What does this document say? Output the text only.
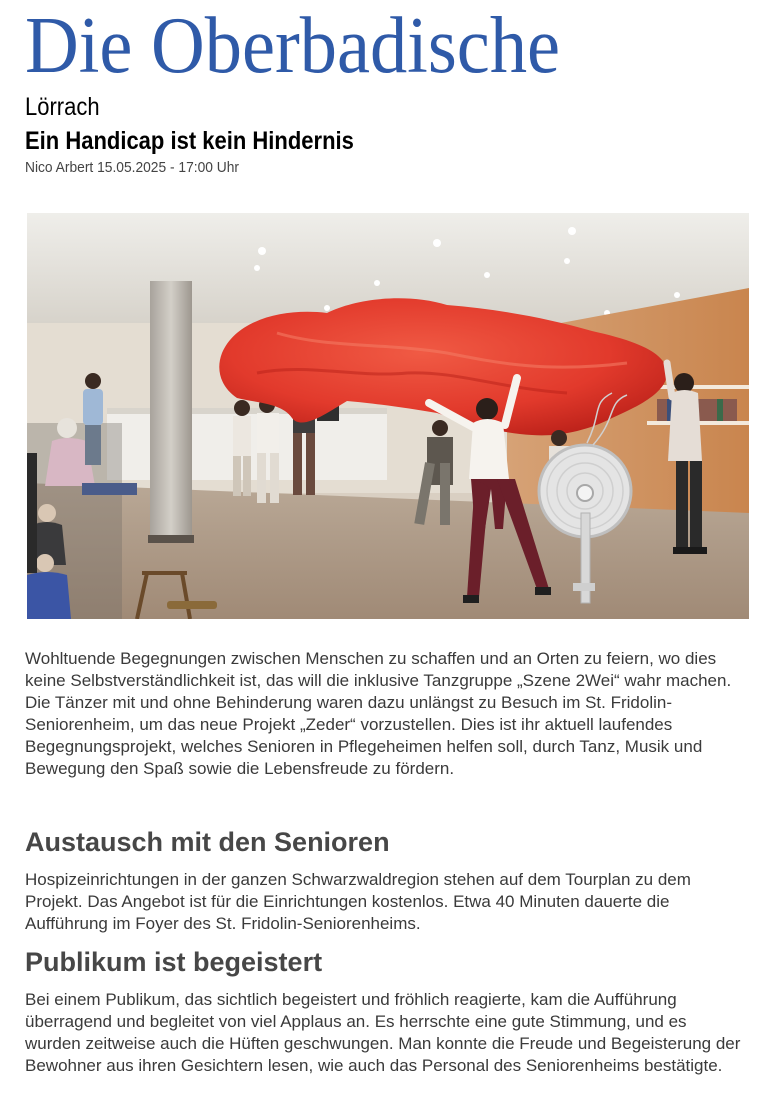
Die Oberbadische
Lörrach
Ein Handicap ist kein Hindernis
Nico Arbert 15.05.2025 - 17:00 Uhr

Wohltuende Begegnungen zwischen Menschen zu schaffen und an Orten zu feiern, wo dies keine Selbstverständlichkeit ist, das will die inklusive Tanzgruppe „Szene 2Wei“ wahr machen. Die Tänzer mit und ohne Behinderung waren dazu unlängst zu Besuch im St. Fridolin-Seniorenheim, um das neue Projekt „Zeder“ vorzustellen. Dies ist ihr aktuell laufendes Begegnungsprojekt, welches Senioren in Pflegeheimen helfen soll, durch Tanz, Musik und Bewegung den Spaß sowie die Lebensfreude zu fördern.

Austausch mit den Senioren

Hospizeinrichtungen in der ganzen Schwarzwaldregion stehen auf dem Tourplan zu dem Projekt. Das Angebot ist für die Einrichtungen kostenlos. Etwa 40 Minuten dauerte die Aufführung im Foyer des St. Fridolin-Seniorenheims.

Publikum ist begeistert

Bei einem Publikum, das sichtlich begeistert und fröhlich reagierte, kam die Aufführung überragend und begleitet von viel Applaus an. Es herrschte eine gute Stimmung, und es wurden zeitweise auch die Hüften geschwungen. Man konnte die Freude und Begeisterung der Bewohner aus ihren Gesichtern lesen, wie auch das Personal des Seniorenheims bestätigte.
